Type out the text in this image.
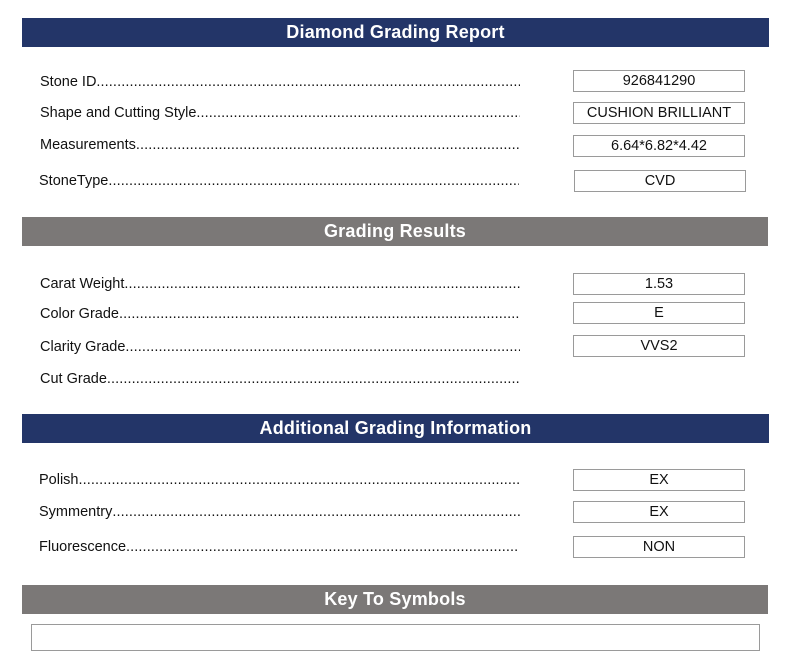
Diamond Grading Report
Stone ID .....	926841290
Shape and Cutting Style .....	CUSHION BRILLIANT
Measurements .....	6.64*6.82*4.42
StoneType .....	CVD
Grading Results
Carat Weight .....	1.53
Color Grade .....	E
Clarity Grade .....	VVS2
Cut Grade .....
Additional Grading Information
Polish .....	EX
Symmentry .....	EX
Fluorescence .....	NON
Key To Symbols
